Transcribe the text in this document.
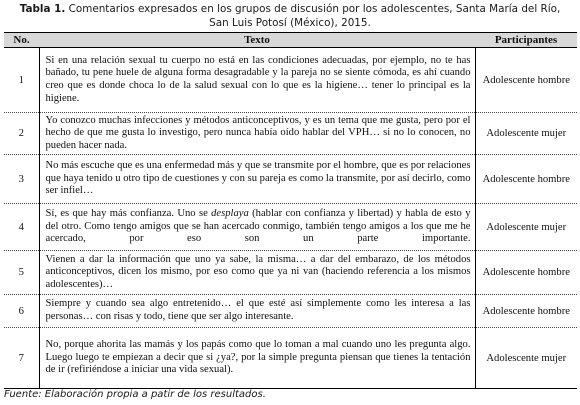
Tabla 1. Comentarios expresados en los grupos de discusión por los adolescentes, Santa María del Río,
San Luis Potosí (México), 2015.
No.	Texto	Participantes
1	Si en una relación sexual tu cuerpo no está en las condiciones adecuadas, por ejemplo, no te has bañado, tu pene huele de alguna forma desagradable y la pareja no se siente cómoda, es ahí cuando creo que es donde choca lo de la salud sexual con lo que es la higiene… tener lo principal es la higiene.	Adolescente hombre
2	Yo conozco muchas infecciones y métodos anticonceptivos, y es un tema que me gusta, pero por el hecho de que me gusta lo investigo, pero nunca había oído hablar del VPH… si no lo conocen, no pueden hacer nada.	Adolescente mujer
3	No más escuche que es una enfermedad más y que se transmite por el hombre, que es por relaciones que haya tenido u otro tipo de cuestiones y con su pareja es como la transmite, por así decirlo, como ser infiel…	Adolescente hombre
4	Sí, es que hay más confianza. Uno se desplaya (hablar con confianza y libertad) y habla de esto y del otro. Como tengo amigos que se han acercado conmigo, también tengo amigos a los que me he acercado, por eso son un parte importante.	Adolescente mujer
5	Vienen a dar la información que uno ya sabe, la misma… a dar del embarazo, de los métodos anticonceptivos, dicen los mismo, por eso como que ya ni van (haciendo referencia a los mismos adolescentes)…	Adolescente hombre
6	Siempre y cuando sea algo entretenido… el que esté así simplemente como les interesa a las personas… con risas y todo, tiene que ser algo interesante.	Adolescente hombre
7	No, porque ahorita las mamás y los papás como que lo toman a mal cuando uno les pregunta algo. Luego luego te empiezan a decir que si ¿ya?, por la simple pregunta piensan que tienes la tentación de ir (refiriéndose a iniciar una vida sexual).	Adolescente mujer
Fuente: Elaboración propia a patir de los resultados.
